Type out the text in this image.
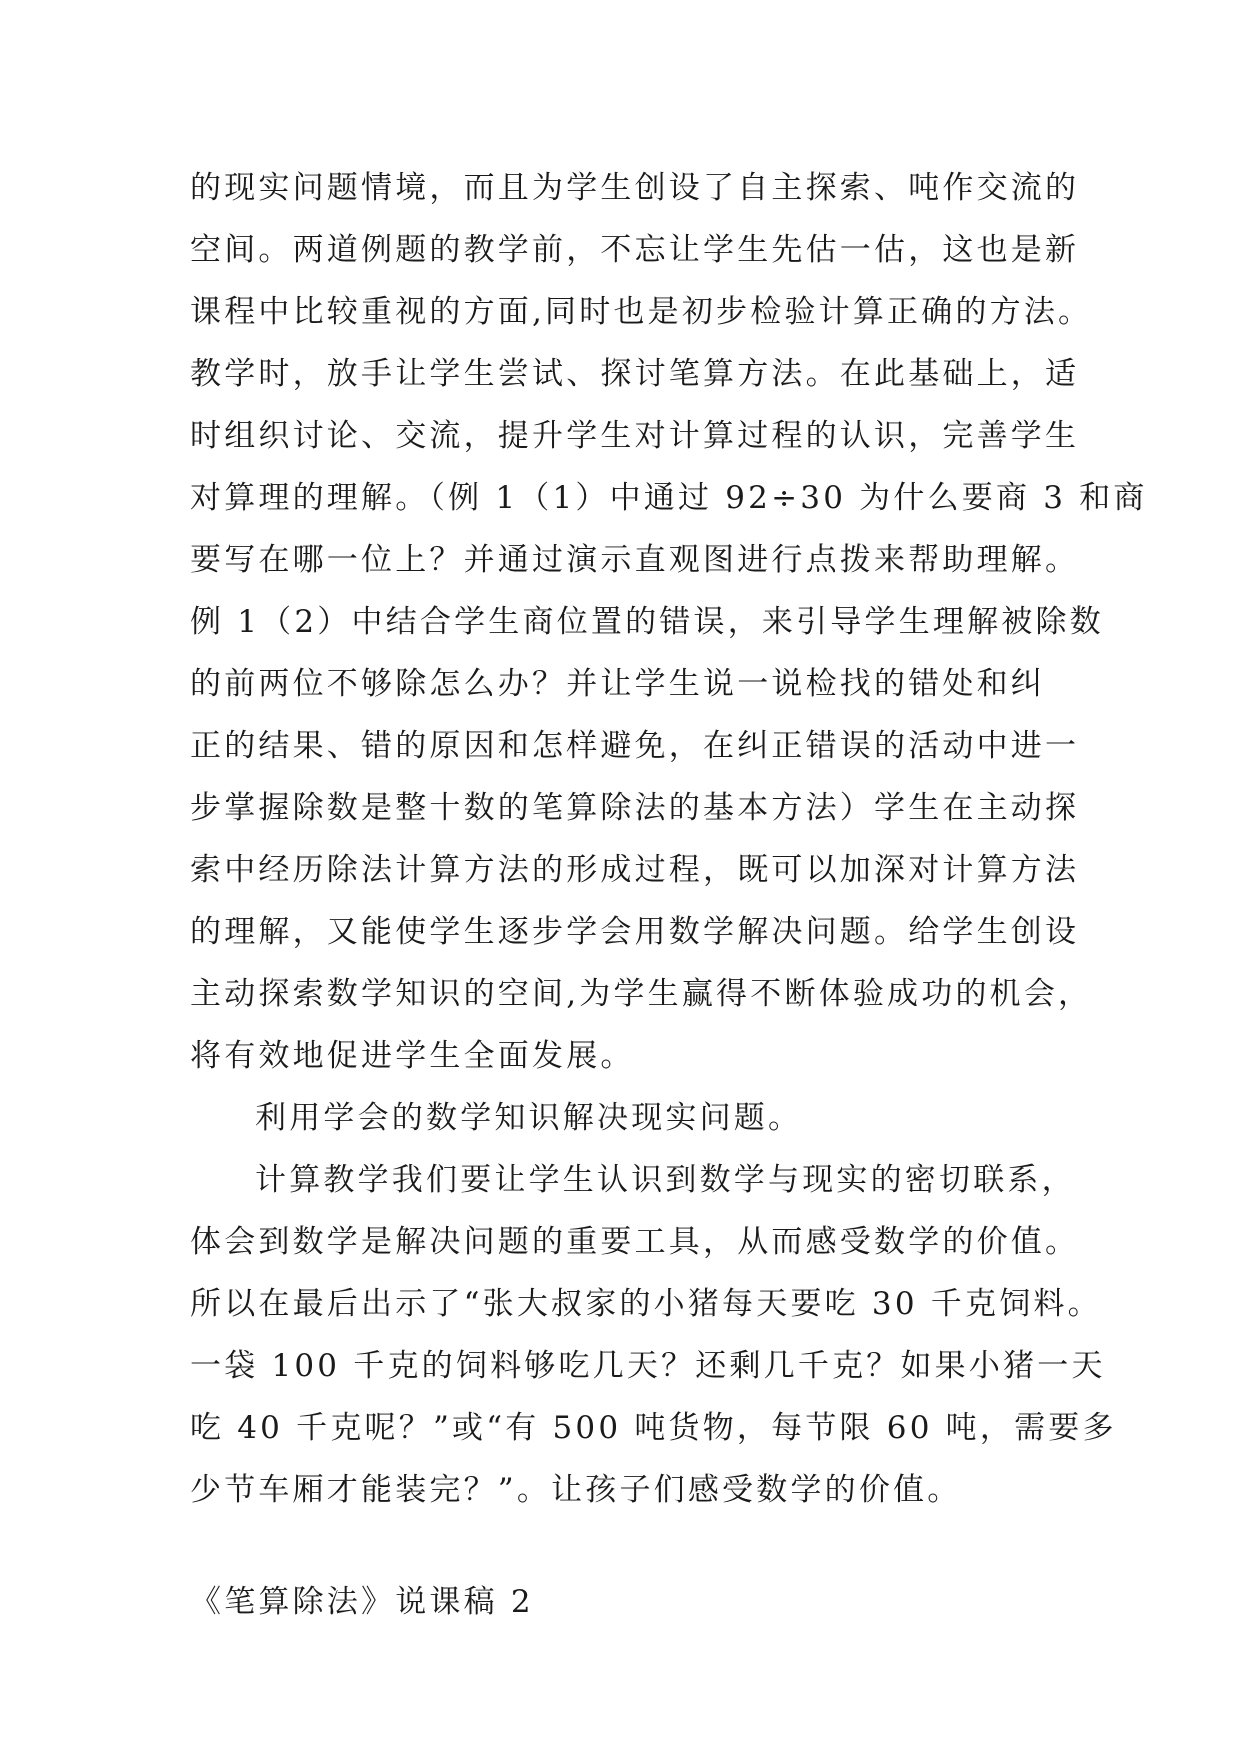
的现实问题情境，而且为学生创设了自主探索、吨作交流的
空间。两道例题的教学前，不忘让学生先估一估，这也是新
课程中比较重视的方面,同时也是初步检验计算正确的方法。
教学时，放手让学生尝试、探讨笔算方法。在此基础上，适
时组织讨论、交流，提升学生对计算过程的认识，完善学生
对算理的理解。（例 1（1）中通过 92÷30 为什么要商 3 和商
要写在哪一位上？并通过演示直观图进行点拨来帮助理解。
例 1（2）中结合学生商位置的错误，来引导学生理解被除数
的前两位不够除怎么办？并让学生说一说检找的错处和纠
正的结果、错的原因和怎样避免，在纠正错误的活动中进一
步掌握除数是整十数的笔算除法的基本方法）学生在主动探
索中经历除法计算方法的形成过程，既可以加深对计算方法
的理解，又能使学生逐步学会用数学解决问题。给学生创设
主动探索数学知识的空间,为学生赢得不断体验成功的机会，
将有效地促进学生全面发展。
利用学会的数学知识解决现实问题。
计算教学我们要让学生认识到数学与现实的密切联系，
体会到数学是解决问题的重要工具，从而感受数学的价值。
所以在最后出示了“张大叔家的小猪每天要吃 30 千克饲料。
一袋 100 千克的饲料够吃几天？还剩几千克？如果小猪一天
吃 40 千克呢？”或“有 500 吨货物，每节限 60 吨，需要多
少节车厢才能装完？”。让孩子们感受数学的价值。
《笔算除法》说课稿 2
